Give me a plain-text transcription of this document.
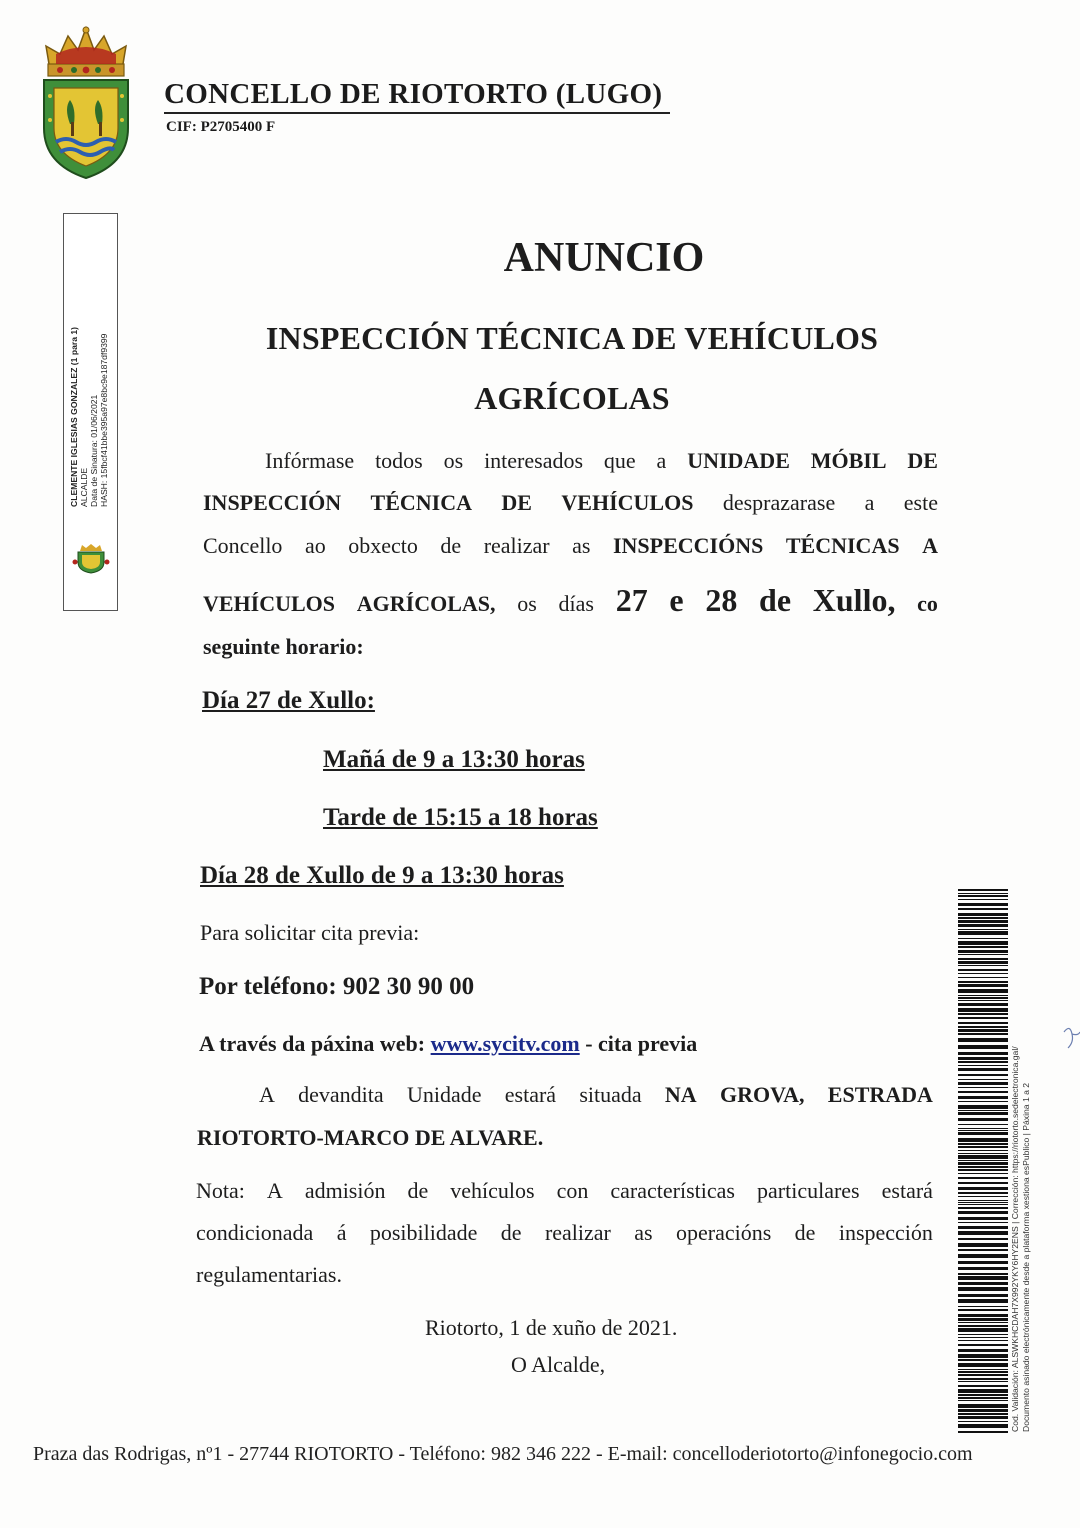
CONCELLO DE RIOTORTO (LUGO)
CIF: P2705400 F
CLEMENTE IGLESIAS GONZALEZ (1 para 1) ALCALDE Data de Sinatura: 01/06/2021 HASH: 15fbcf41bbe395a97e8bc9e187df9399
ANUNCIO
INSPECCIÓN TÉCNICA DE VEHÍCULOS
AGRÍCOLAS
Infórmase todos os interesados que a UNIDADE MÓBIL DE
INSPECCIÓN TÉCNICA DE VEHÍCULOS desprazarase a este
Concello ao obxecto de realizar as INSPECCIÓNS TÉCNICAS A
VEHÍCULOS AGRÍCOLAS, os días 27 e 28 de Xullo, co
seguinte horario:
Día 27 de Xullo:
Mañá de 9 a 13:30 horas
Tarde de 15:15 a 18 horas
Día 28 de Xullo de 9 a 13:30 horas
Para solicitar cita previa:
Por teléfono: 902 30 90 00
A través da páxina web: www.sycitv.com - cita previa
A devandita Unidade estará situada NA GROVA, ESTRADA
RIOTORTO-MARCO DE ALVARE.
Nota: A admisión de vehículos con características particulares estará
condicionada á posibilidade de realizar as operacións de inspección
regulamentarias.
Riotorto, 1 de xuño de 2021.
O Alcalde,	Cod. Validación: ALSWKHCDAH7X992YKY6HY2ENS | Corrección: https://riotorto.sedelectronica.gal/ Documento asinado electrónicamente desde a plataforma xestiona esPublico | Páxina 1 a 2
Praza das Rodrigas, nº1 - 27744 RIOTORTO - Teléfono: 982 346 222 - E-mail: concelloderiotorto@infonegocio.com
